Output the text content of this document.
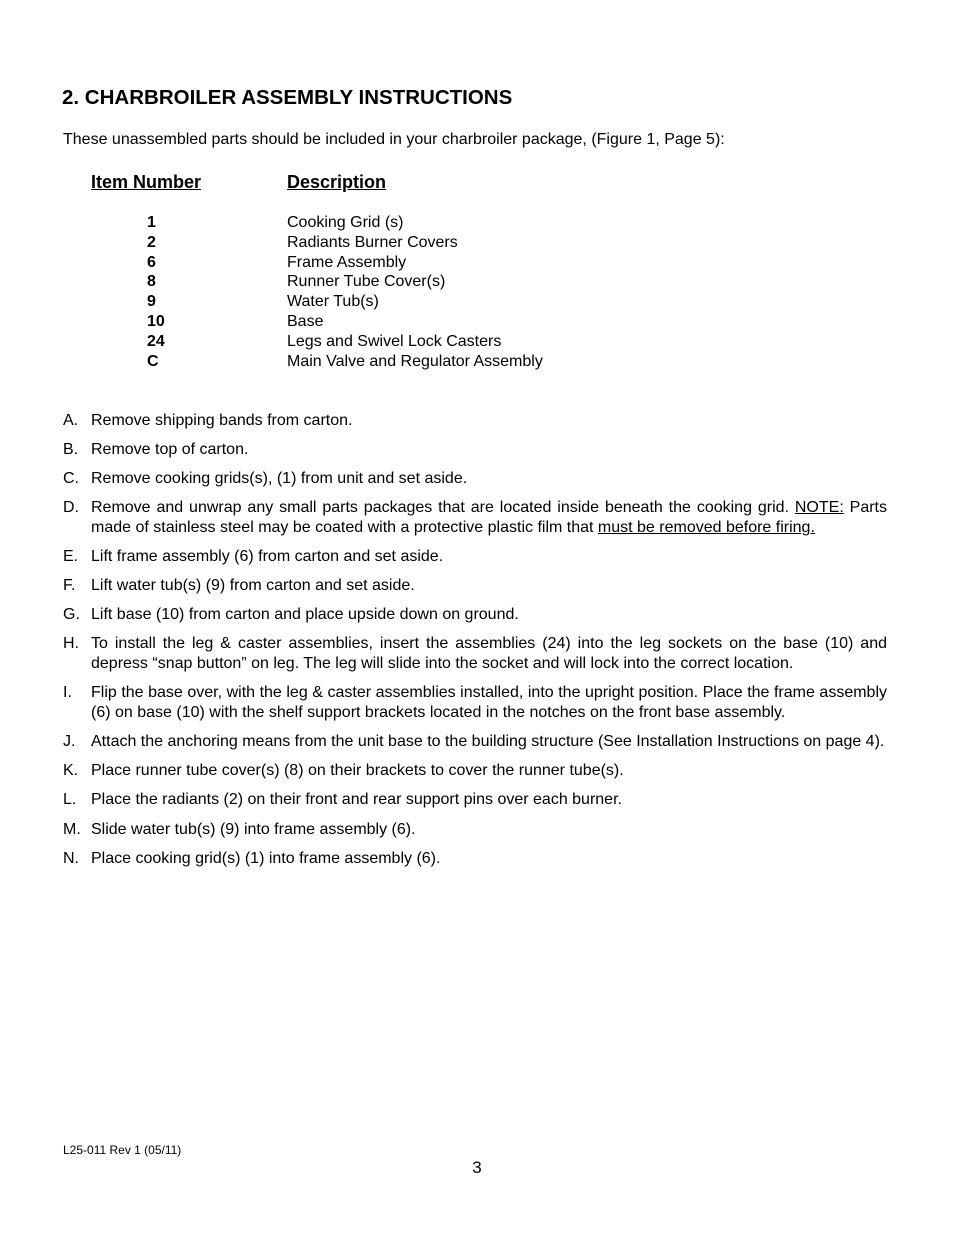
2. CHARBROILER ASSEMBLY INSTRUCTIONS

These unassembled parts should be included in your charbroiler package, (Figure 1, Page 5):

Item Number	Description
1	Cooking Grid (s)
2	Radiants Burner Covers
6	Frame Assembly
8	Runner Tube Cover(s)
9	Water Tub(s)
10	Base
24	Legs and Swivel Lock Casters
C	Main Valve and Regulator Assembly
A. Remove shipping bands from carton.
B. Remove top of carton.
C. Remove cooking grids(s), (1) from unit and set aside.
D. Remove and unwrap any small parts packages that are located inside beneath the cooking grid. NOTE: Parts made of stainless steel may be coated with a protective plastic film that must be removed before firing.
E. Lift frame assembly (6) from carton and set aside.
F. Lift water tub(s) (9) from carton and set aside.
G. Lift base (10) from carton and place upside down on ground.
H. To install the leg & caster assemblies, insert the assemblies (24) into the leg sockets on the base (10) and depress “snap button” on leg. The leg will slide into the socket and will lock into the correct location.
I. Flip the base over, with the leg & caster assemblies installed, into the upright position. Place the frame assembly (6) on base (10) with the shelf support brackets located in the notches on the front base assembly.
J. Attach the anchoring means from the unit base to the building structure (See Installation Instructions on page 4).
K. Place runner tube cover(s) (8) on their brackets to cover the runner tube(s).
L. Place the radiants (2) on their front and rear support pins over each burner.
M. Slide water tub(s) (9) into frame assembly (6).
N. Place cooking grid(s) (1) into frame assembly (6).
L25-011 Rev 1 (05/11)
3
